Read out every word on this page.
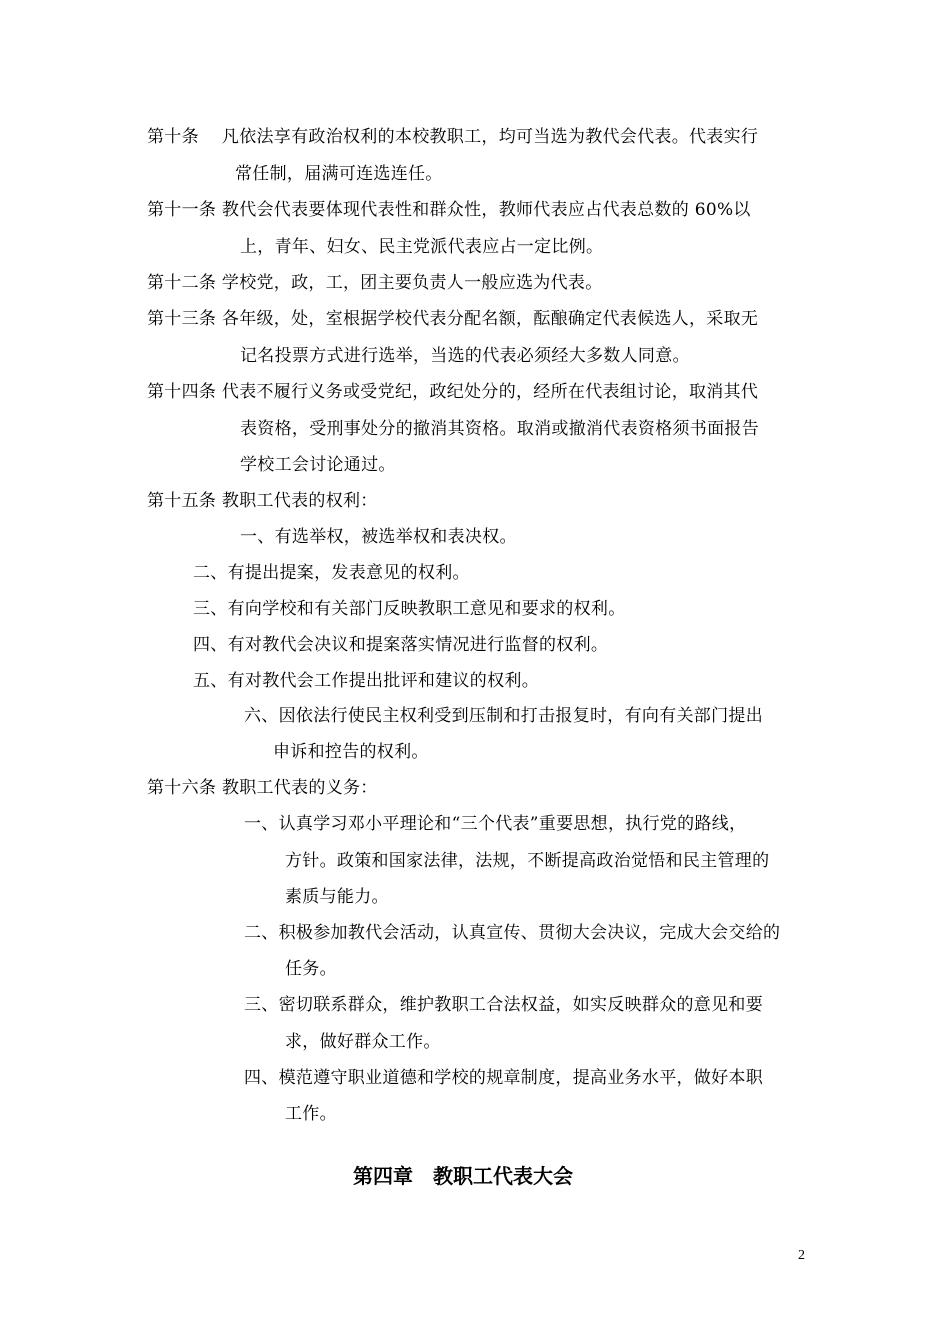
第十条　 凡依法享有政治权利的本校教职工，均可当选为教代会代表。代表实行
常任制，届满可连选连任。
第十一条 教代会代表要体现代表性和群众性，教师代表应占代表总数的 60%以
上，青年、妇女、民主党派代表应占一定比例。
第十二条 学校党，政，工，团主要负责人一般应选为代表。
第十三条 各年级，处，室根据学校代表分配名额，酝酿确定代表候选人，采取无
记名投票方式进行选举，当选的代表必须经大多数人同意。
第十四条 代表不履行义务或受党纪，政纪处分的，经所在代表组讨论，取消其代
表资格，受刑事处分的撤消其资格。取消或撤消代表资格须书面报告
学校工会讨论通过。
第十五条 教职工代表的权利：
一、有选举权，被选举权和表决权。
二、有提出提案，发表意见的权利。
三、有向学校和有关部门反映教职工意见和要求的权利。
四、有对教代会决议和提案落实情况进行监督的权利。
五、有对教代会工作提出批评和建议的权利。
六、因依法行使民主权利受到压制和打击报复时，有向有关部门提出
申诉和控告的权利。
第十六条 教职工代表的义务：
一、认真学习邓小平理论和“三个代表”重要思想，执行党的路线，
方针。政策和国家法律，法规，不断提高政治觉悟和民主管理的
素质与能力。
二、积极参加教代会活动，认真宣传、贯彻大会决议，完成大会交给的
任务。
三、密切联系群众，维护教职工合法权益，如实反映群众的意见和要
求，做好群众工作。
四、模范遵守职业道德和学校的规章制度，提高业务水平，做好本职
工作。
第四章　教职工代表大会
2
